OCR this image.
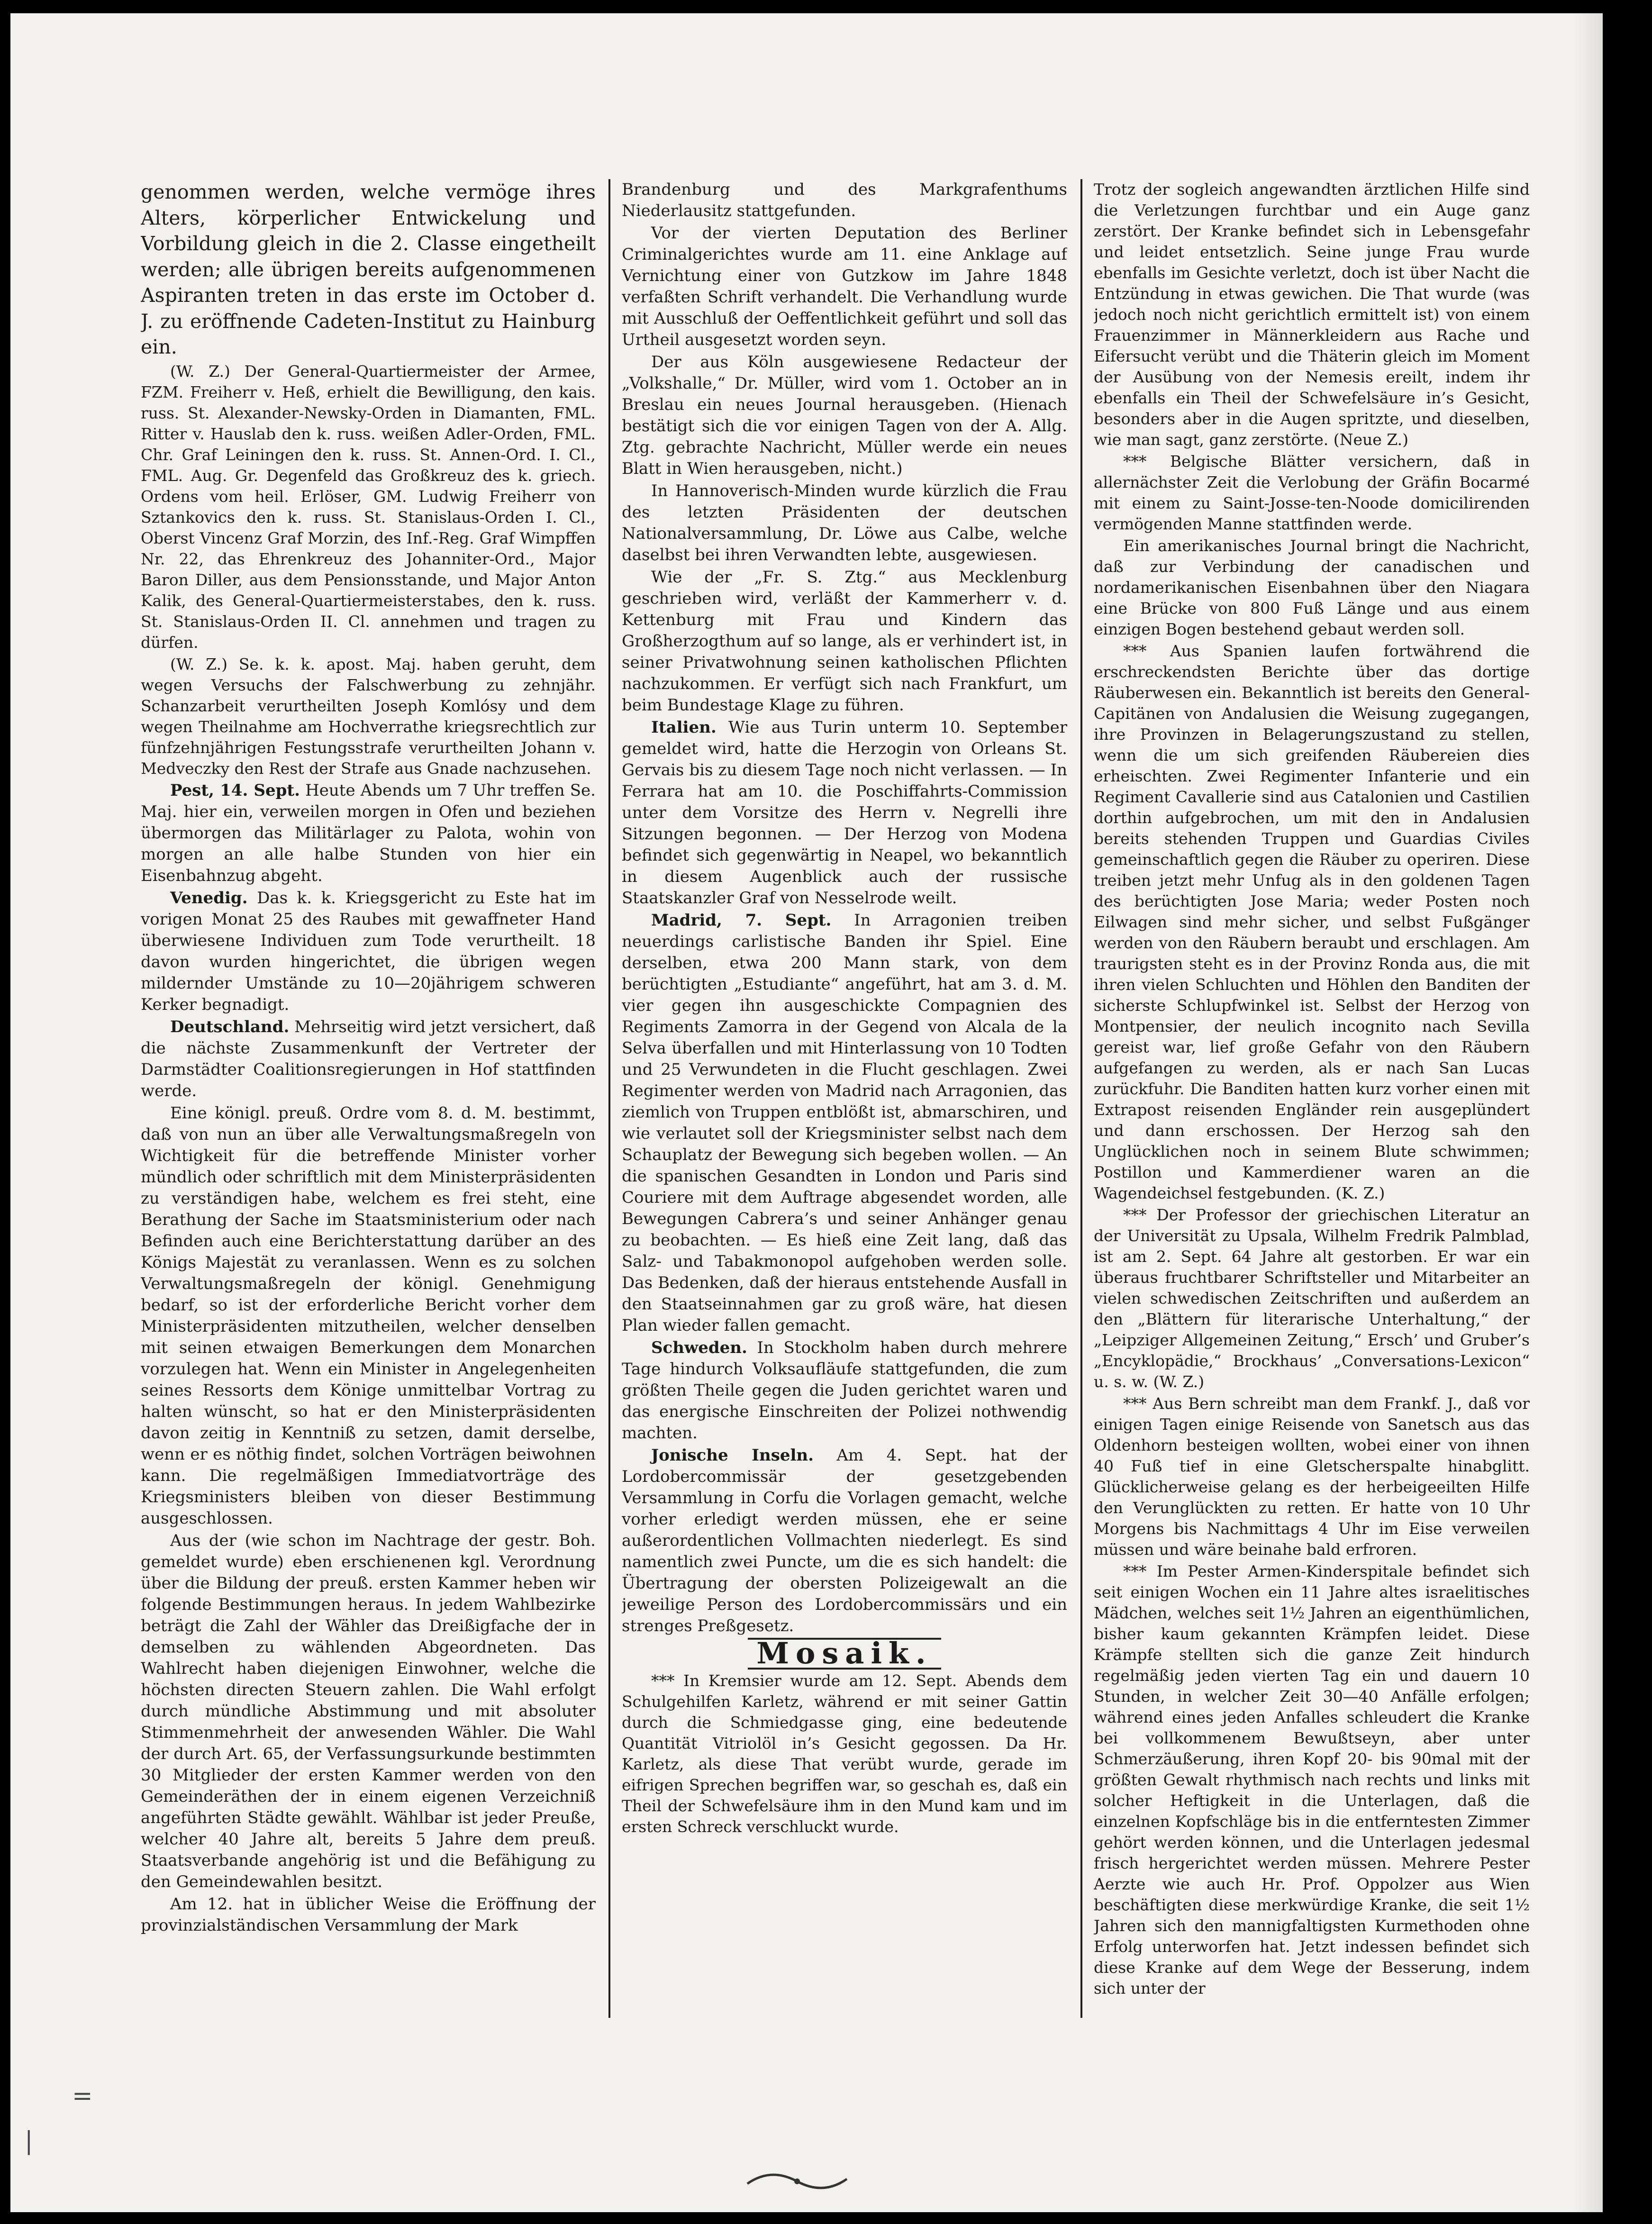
genommen werden, welche vermöge ihres Alters, körperlicher Entwickelung und Vorbildung gleich in die 2. Classe eingetheilt werden; alle übrigen bereits aufgenommenen Aspiranten treten in das erste im October d. J. zu eröffnende Cadeten-Institut zu Hainburg ein.

(W. Z.) Der General-Quartiermeister der Armee, FZM. Freiherr v. Heß, erhielt die Bewilligung, den kais. russ. St. Alexander-Newsky-Orden in Diamanten, FML. Ritter v. Hauslab den k. russ. weißen Adler-Orden, FML. Chr. Graf Leiningen den k. russ. St. Annen-Ord. I. Cl., FML. Aug. Gr. Degenfeld das Großkreuz des k. griech. Ordens vom heil. Erlöser, GM. Ludwig Freiherr von Sztankovics den k. russ. St. Stanislaus-Orden I. Cl., Oberst Vincenz Graf Morzin, des Inf.-Reg. Graf Wimpffen Nr. 22, das Ehrenkreuz des Johanniter-Ord., Major Baron Diller, aus dem Pensionsstande, und Major Anton Kalik, des General-Quartiermeisterstabes, den k. russ. St. Stanislaus-Orden II. Cl. annehmen und tragen zu dürfen.

(W. Z.) Se. k. k. apost. Maj. haben geruht, dem wegen Versuchs der Falschwerbung zu zehnjähr. Schanzarbeit verurtheilten Joseph Komlósy und dem wegen Theilnahme am Hochverrathe kriegsrechtlich zur fünfzehnjährigen Festungsstrafe verurtheilten Johann v. Medveczky den Rest der Strafe aus Gnade nachzusehen.

Pest, 14. Sept. Heute Abends um 7 Uhr treffen Se. Maj. hier ein, verweilen morgen in Ofen und beziehen übermorgen das Militärlager zu Palota, wohin von morgen an alle halbe Stunden von hier ein Eisenbahnzug abgeht.

Venedig. Das k. k. Kriegsgericht zu Este hat im vorigen Monat 25 des Raubes mit gewaffneter Hand überwiesene Individuen zum Tode verurtheilt. 18 davon wurden hingerichtet, die übrigen wegen mildernder Umstände zu 10—20jährigem schweren Kerker begnadigt.

Deutschland. Mehrseitig wird jetzt versichert, daß die nächste Zusammenkunft der Vertreter der Darmstädter Coalitionsregierungen in Hof stattfinden werde.

Eine königl. preuß. Ordre vom 8. d. M. bestimmt, daß von nun an über alle Verwaltungsmaßregeln von Wichtigkeit für die betreffende Minister vorher mündlich oder schriftlich mit dem Ministerpräsidenten zu verständigen habe, welchem es frei steht, eine Berathung der Sache im Staatsministerium oder nach Befinden auch eine Berichterstattung darüber an des Königs Majestät zu veranlassen. Wenn es zu solchen Verwaltungsmaßregeln der königl. Genehmigung bedarf, so ist der erforderliche Bericht vorher dem Ministerpräsidenten mitzutheilen, welcher denselben mit seinen etwaigen Bemerkungen dem Monarchen vorzulegen hat. Wenn ein Minister in Angelegenheiten seines Ressorts dem Könige unmittelbar Vortrag zu halten wünscht, so hat er den Ministerpräsidenten davon zeitig in Kenntniß zu setzen, damit derselbe, wenn er es nöthig findet, solchen Vorträgen beiwohnen kann. Die regelmäßigen Immediatvorträge des Kriegsministers bleiben von dieser Bestimmung ausgeschlossen.

Aus der (wie schon im Nachtrage der gestr. Boh. gemeldet wurde) eben erschienenen kgl. Verordnung über die Bildung der preuß. ersten Kammer heben wir folgende Bestimmungen heraus. In jedem Wahlbezirke beträgt die Zahl der Wähler das Dreißigfache der in demselben zu wählenden Abgeordneten. Das Wahlrecht haben diejenigen Einwohner, welche die höchsten directen Steuern zahlen. Die Wahl erfolgt durch mündliche Abstimmung und mit absoluter Stimmenmehrheit der anwesenden Wähler. Die Wahl der durch Art. 65, der Verfassungsurkunde bestimmten 30 Mitglieder der ersten Kammer werden von den Gemeinderäthen der in einem eigenen Verzeichniß angeführten Städte gewählt. Wählbar ist jeder Preuße, welcher 40 Jahre alt, bereits 5 Jahre dem preuß. Staatsverbande angehörig ist und die Befähigung zu den Gemeindewahlen besitzt.

Am 12. hat in üblicher Weise die Eröffnung der provinzialständischen Versammlung der Mark

Brandenburg und des Markgrafenthums Niederlausitz stattgefunden.

Vor der vierten Deputation des Berliner Criminalgerichtes wurde am 11. eine Anklage auf Vernichtung einer von Gutzkow im Jahre 1848 verfaßten Schrift verhandelt. Die Verhandlung wurde mit Ausschluß der Oeffentlichkeit geführt und soll das Urtheil ausgesetzt worden seyn.

Der aus Köln ausgewiesene Redacteur der „Volkshalle,“ Dr. Müller, wird vom 1. October an in Breslau ein neues Journal herausgeben. (Hienach bestätigt sich die vor einigen Tagen von der A. Allg. Ztg. gebrachte Nachricht, Müller werde ein neues Blatt in Wien herausgeben, nicht.)

In Hannoverisch-Minden wurde kürzlich die Frau des letzten Präsidenten der deutschen Nationalversammlung, Dr. Löwe aus Calbe, welche daselbst bei ihren Verwandten lebte, ausgewiesen.

Wie der „Fr. S. Ztg.“ aus Mecklenburg geschrieben wird, verläßt der Kammerherr v. d. Kettenburg mit Frau und Kindern das Großherzogthum auf so lange, als er verhindert ist, in seiner Privatwohnung seinen katholischen Pflichten nachzukommen. Er verfügt sich nach Frankfurt, um beim Bundestage Klage zu führen.

Italien. Wie aus Turin unterm 10. September gemeldet wird, hatte die Herzogin von Orleans St. Gervais bis zu diesem Tage noch nicht verlassen. — In Ferrara hat am 10. die Poschiffahrts-Commission unter dem Vorsitze des Herrn v. Negrelli ihre Sitzungen begonnen. — Der Herzog von Modena befindet sich gegenwärtig in Neapel, wo bekanntlich in diesem Augenblick auch der russische Staatskanzler Graf von Nesselrode weilt.

Madrid, 7. Sept. In Arragonien treiben neuerdings carlistische Banden ihr Spiel. Eine derselben, etwa 200 Mann stark, von dem berüchtigten „Estudiante“ angeführt, hat am 3. d. M. vier gegen ihn ausgeschickte Compagnien des Regiments Zamorra in der Gegend von Alcala de la Selva überfallen und mit Hinterlassung von 10 Todten und 25 Verwundeten in die Flucht geschlagen. Zwei Regimenter werden von Madrid nach Arragonien, das ziemlich von Truppen entblößt ist, abmarschiren, und wie verlautet soll der Kriegsminister selbst nach dem Schauplatz der Bewegung sich begeben wollen. — An die spanischen Gesandten in London und Paris sind Couriere mit dem Auftrage abgesendet worden, alle Bewegungen Cabrera’s und seiner Anhänger genau zu beobachten. — Es hieß eine Zeit lang, daß das Salz- und Tabakmonopol aufgehoben werden solle. Das Bedenken, daß der hieraus entstehende Ausfall in den Staatseinnahmen gar zu groß wäre, hat diesen Plan wieder fallen gemacht.

Schweden. In Stockholm haben durch mehrere Tage hindurch Volksaufläufe stattgefunden, die zum größten Theile gegen die Juden gerichtet waren und das energische Einschreiten der Polizei nothwendig machten.

Jonische Inseln. Am 4. Sept. hat der Lordobercommissär der gesetzgebenden Versammlung in Corfu die Vorlagen gemacht, welche vorher erledigt werden müssen, ehe er seine außerordentlichen Vollmachten niederlegt. Es sind namentlich zwei Puncte, um die es sich handelt: die Übertragung der obersten Polizeigewalt an die jeweilige Person des Lordobercommissärs und ein strenges Preßgesetz.

Mosaik.

*** In Kremsier wurde am 12. Sept. Abends dem Schulgehilfen Karletz, während er mit seiner Gattin durch die Schmiedgasse ging, eine bedeutende Quantität Vitriolöl in’s Gesicht gegossen. Da Hr. Karletz, als diese That verübt wurde, gerade im eifrigen Sprechen begriffen war, so geschah es, daß ein Theil der Schwefelsäure ihm in den Mund kam und im ersten Schreck verschluckt wurde.

Trotz der sogleich angewandten ärztlichen Hilfe sind die Verletzungen furchtbar und ein Auge ganz zerstört. Der Kranke befindet sich in Lebensgefahr und leidet entsetzlich. Seine junge Frau wurde ebenfalls im Gesichte verletzt, doch ist über Nacht die Entzündung in etwas gewichen. Die That wurde (was jedoch noch nicht gerichtlich ermittelt ist) von einem Frauenzimmer in Männerkleidern aus Rache und Eifersucht verübt und die Thäterin gleich im Moment der Ausübung von der Nemesis ereilt, indem ihr ebenfalls ein Theil der Schwefelsäure in’s Gesicht, besonders aber in die Augen spritzte, und dieselben, wie man sagt, ganz zerstörte. (Neue Z.)

*** Belgische Blätter versichern, daß in allernächster Zeit die Verlobung der Gräfin Bocarmé mit einem zu Saint-Josse-ten-Noode domicilirenden vermögenden Manne stattfinden werde.

Ein amerikanisches Journal bringt die Nachricht, daß zur Verbindung der canadischen und nordamerikanischen Eisenbahnen über den Niagara eine Brücke von 800 Fuß Länge und aus einem einzigen Bogen bestehend gebaut werden soll.

*** Aus Spanien laufen fortwährend die erschreckendsten Berichte über das dortige Räuberwesen ein. Bekanntlich ist bereits den General-Capitänen von Andalusien die Weisung zugegangen, ihre Provinzen in Belagerungszustand zu stellen, wenn die um sich greifenden Räubereien dies erheischten. Zwei Regimenter Infanterie und ein Regiment Cavallerie sind aus Catalonien und Castilien dorthin aufgebrochen, um mit den in Andalusien bereits stehenden Truppen und Guardias Civiles gemeinschaftlich gegen die Räuber zu operiren. Diese treiben jetzt mehr Unfug als in den goldenen Tagen des berüchtigten Jose Maria; weder Posten noch Eilwagen sind mehr sicher, und selbst Fußgänger werden von den Räubern beraubt und erschlagen. Am traurigsten steht es in der Provinz Ronda aus, die mit ihren vielen Schluchten und Höhlen den Banditen der sicherste Schlupfwinkel ist. Selbst der Herzog von Montpensier, der neulich incognito nach Sevilla gereist war, lief große Gefahr von den Räubern aufgefangen zu werden, als er nach San Lucas zurückfuhr. Die Banditen hatten kurz vorher einen mit Extrapost reisenden Engländer rein ausgeplündert und dann erschossen. Der Herzog sah den Unglücklichen noch in seinem Blute schwimmen; Postillon und Kammerdiener waren an die Wagendeichsel festgebunden. (K. Z.)

*** Der Professor der griechischen Literatur an der Universität zu Upsala, Wilhelm Fredrik Palmblad, ist am 2. Sept. 64 Jahre alt gestorben. Er war ein überaus fruchtbarer Schriftsteller und Mitarbeiter an vielen schwedischen Zeitschriften und außerdem an den „Blättern für literarische Unterhaltung,“ der „Leipziger Allgemeinen Zeitung,“ Ersch’ und Gruber’s „Encyklopädie,“ Brockhaus’ „Conversations-Lexicon“ u. s. w. (W. Z.)

*** Aus Bern schreibt man dem Frankf. J., daß vor einigen Tagen einige Reisende von Sanetsch aus das Oldenhorn besteigen wollten, wobei einer von ihnen 40 Fuß tief in eine Gletscherspalte hinabglitt. Glücklicherweise gelang es der herbeigeeilten Hilfe den Verunglückten zu retten. Er hatte von 10 Uhr Morgens bis Nachmittags 4 Uhr im Eise verweilen müssen und wäre beinahe bald erfroren.

*** Im Pester Armen-Kinderspitale befindet sich seit einigen Wochen ein 11 Jahre altes israelitisches Mädchen, welches seit 1½ Jahren an eigenthümlichen, bisher kaum gekannten Krämpfen leidet. Diese Krämpfe stellten sich die ganze Zeit hindurch regelmäßig jeden vierten Tag ein und dauern 10 Stunden, in welcher Zeit 30—40 Anfälle erfolgen; während eines jeden Anfalles schleudert die Kranke bei vollkommenem Bewußtseyn, aber unter Schmerzäußerung, ihren Kopf 20- bis 90mal mit der größten Gewalt rhythmisch nach rechts und links mit solcher Heftigkeit in die Unterlagen, daß die einzelnen Kopfschläge bis in die entferntesten Zimmer gehört werden können, und die Unterlagen jedesmal frisch hergerichtet werden müssen. Mehrere Pester Aerzte wie auch Hr. Prof. Oppolzer aus Wien beschäftigten diese merkwürdige Kranke, die seit 1½ Jahren sich den mannigfaltigsten Kurmethoden ohne Erfolg unterworfen hat. Jetzt indessen befindet sich diese Kranke auf dem Wege der Besserung, indem sich unter der

=
|
